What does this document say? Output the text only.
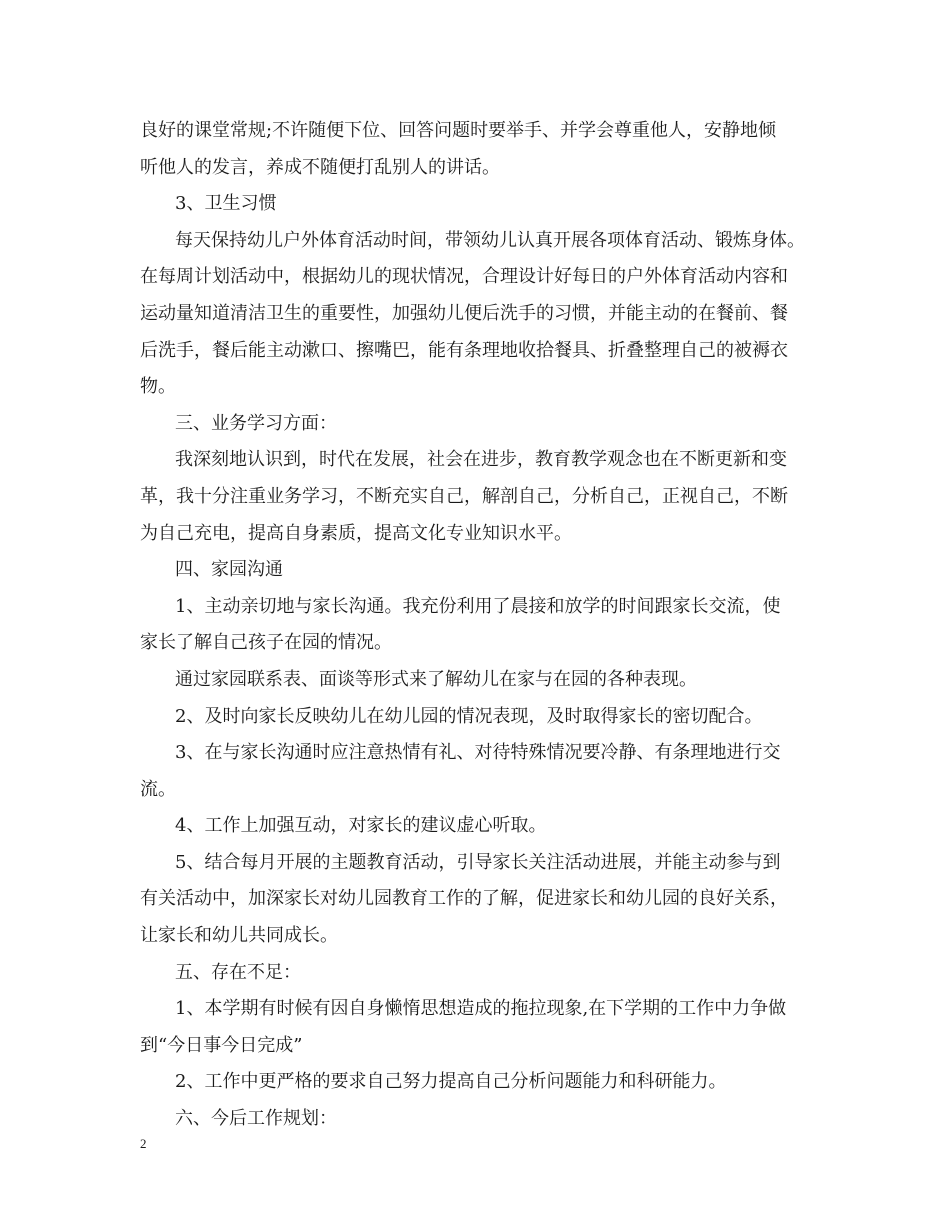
良好的课堂常规;不许随便下位、回答问题时要举手、并学会尊重他人，安静地倾
听他人的发言，养成不随便打乱别人的讲话。
3、卫生习惯
每天保持幼儿户外体育活动时间，带领幼儿认真开展各项体育活动、锻炼身体。
在每周计划活动中，根据幼儿的现状情况，合理设计好每日的户外体育活动内容和
运动量知道清洁卫生的重要性，加强幼儿便后洗手的习惯，并能主动的在餐前、餐
后洗手，餐后能主动漱口、擦嘴巴，能有条理地收拾餐具、折叠整理自己的被褥衣
物。
三、业务学习方面：
我深刻地认识到，时代在发展，社会在进步，教育教学观念也在不断更新和变
革，我十分注重业务学习，不断充实自己，解剖自己，分析自己，正视自己，不断
为自己充电，提高自身素质，提高文化专业知识水平。
四、家园沟通
1、主动亲切地与家长沟通。我充份利用了晨接和放学的时间跟家长交流，使
家长了解自己孩子在园的情况。
通过家园联系表、面谈等形式来了解幼儿在家与在园的各种表现。
2、及时向家长反映幼儿在幼儿园的情况表现，及时取得家长的密切配合。
3、在与家长沟通时应注意热情有礼、对待特殊情况要冷静、有条理地进行交
流。
4、工作上加强互动，对家长的建议虚心听取。
5、结合每月开展的主题教育活动，引导家长关注活动进展，并能主动参与到
有关活动中，加深家长对幼儿园教育工作的了解，促进家长和幼儿园的良好关系，
让家长和幼儿共同成长。
五、存在不足：
1、本学期有时候有因自身懒惰思想造成的拖拉现象,在下学期的工作中力争做
到“今日事今日完成”
2、工作中更严格的要求自己努力提高自己分析问题能力和科研能力。
六、今后工作规划：
2
